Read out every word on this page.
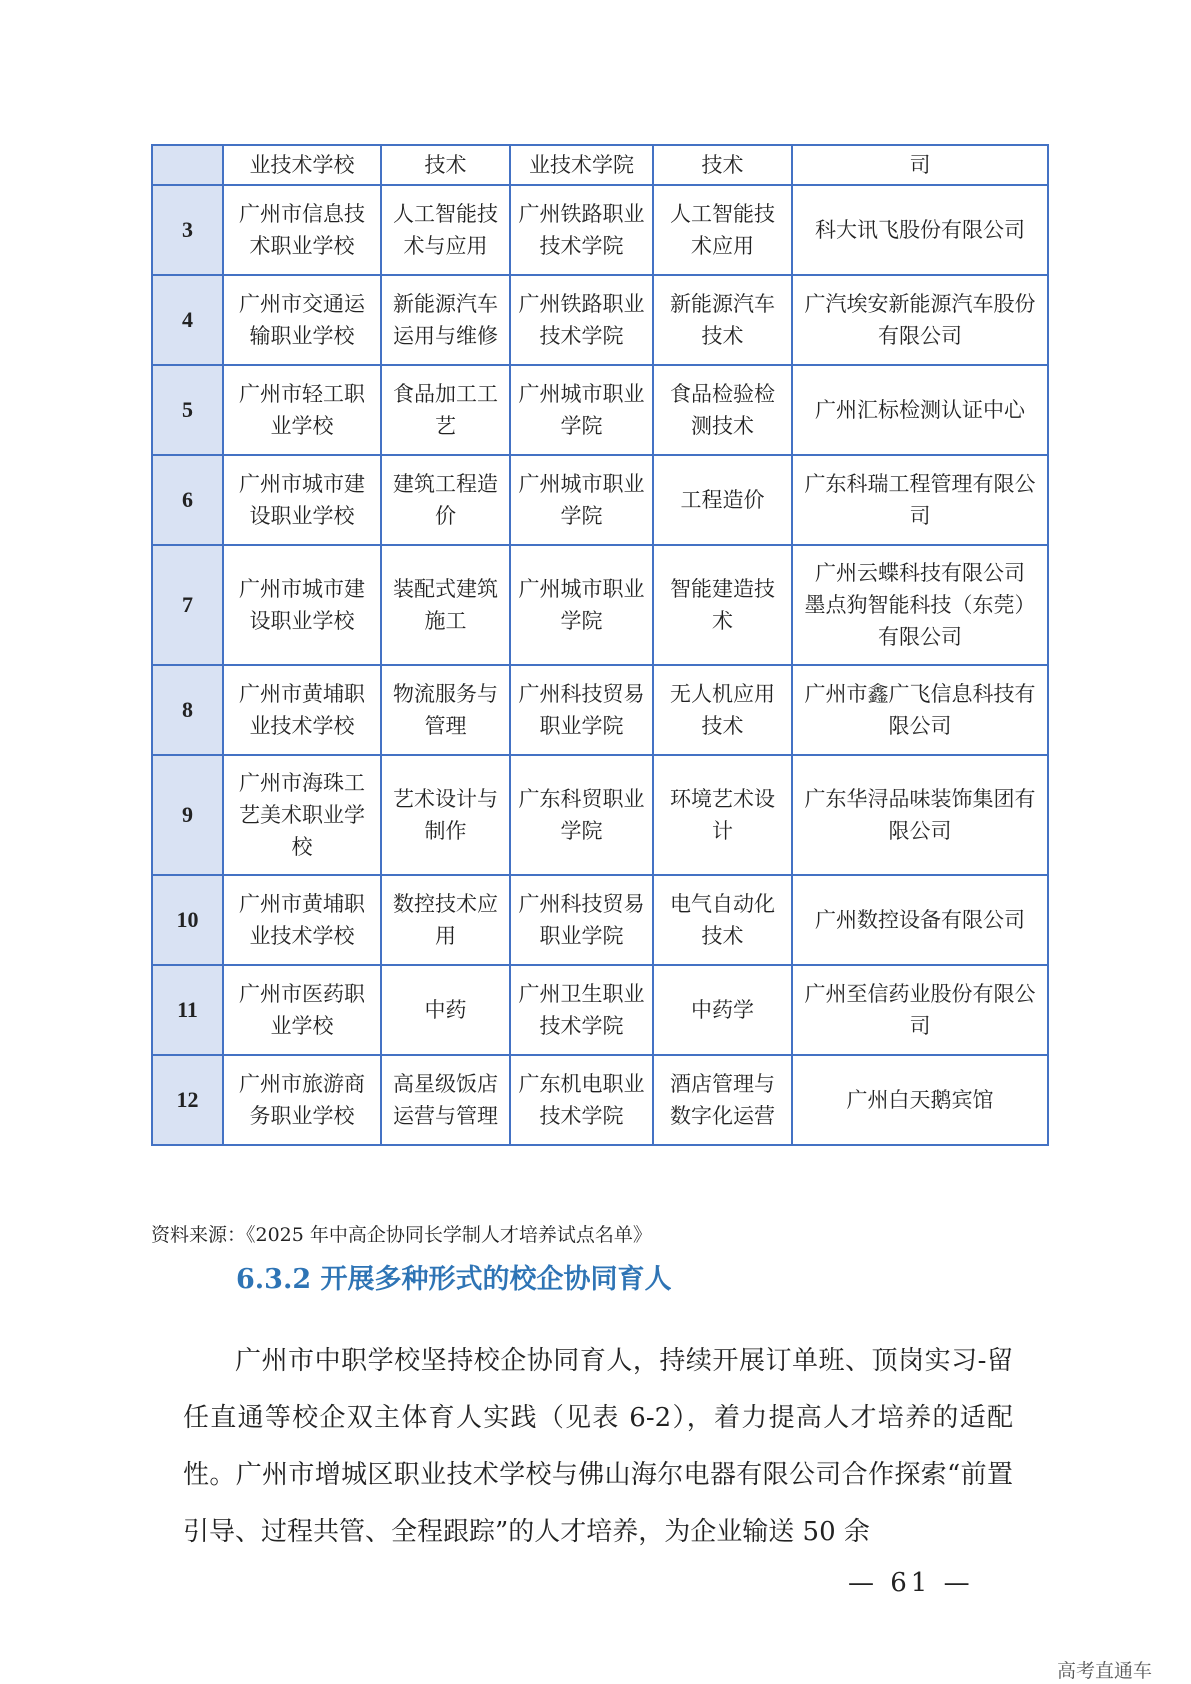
	业技术学校	技术	业技术学院	技术	司
3	广州市信息技术职业学校	人工智能技术与应用	广州铁路职业技术学院	人工智能技术应用	科大讯飞股份有限公司
4	广州市交通运输职业学校	新能源汽车运用与维修	广州铁路职业技术学院	新能源汽车技术	广汽埃安新能源汽车股份有限公司
5	广州市轻工职业学校	食品加工工艺	广州城市职业学院	食品检验检测技术	广州汇标检测认证中心
6	广州市城市建设职业学校	建筑工程造价	广州城市职业学院	工程造价	广东科瑞工程管理有限公司
7	广州市城市建设职业学校	装配式建筑施工	广州城市职业学院	智能建造技术	广州云蝶科技有限公司
墨点狗智能科技（东莞）有限公司
8	广州市黄埔职业技术学校	物流服务与管理	广州科技贸易职业学院	无人机应用技术	广州市鑫广飞信息科技有限公司
9	广州市海珠工艺美术职业学校	艺术设计与制作	广东科贸职业学院	环境艺术设计	广东华浔品味装饰集团有限公司
10	广州市黄埔职业技术学校	数控技术应用	广州科技贸易职业学院	电气自动化技术	广州数控设备有限公司
11	广州市医药职业学校	中药	广州卫生职业技术学院	中药学	广州至信药业股份有限公司
12	广州市旅游商务职业学校	高星级饭店运营与管理	广东机电职业技术学院	酒店管理与数字化运营	广州白天鹅宾馆
资料来源：《2025 年中高企协同长学制人才培养试点名单》
6.3.2 开展多种形式的校企协同育人

广州市中职学校坚持校企协同育人，持续开展订单班、顶岗实习-留任直通等校企双主体育人实践（见表 6-2），着力提高人才培养的适配性。广州市增城区职业技术学校与佛山海尔电器有限公司合作探索“前置引导、过程共管、全程跟踪”的人才培养，为企业输送 50 余

— 61 —
高考直通车
